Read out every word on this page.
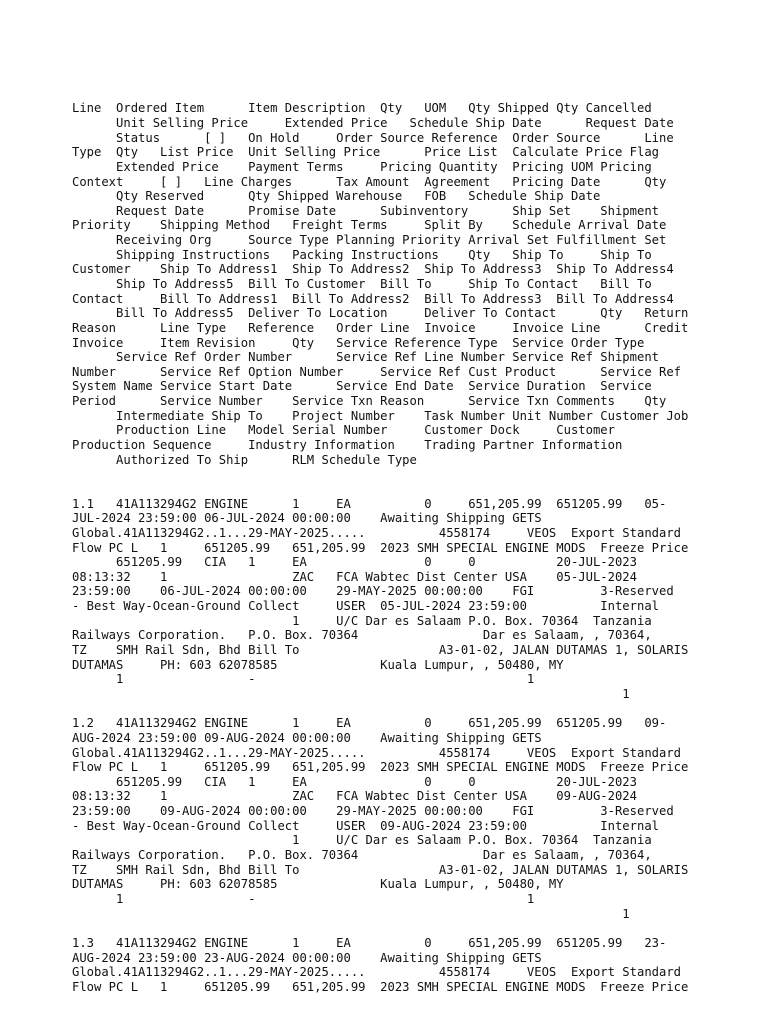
Line  Ordered Item      Item Description  Qty   UOM   Qty Shipped Qty Cancelled
Unit Selling Price     Extended Price   Schedule Ship Date      Request Date
Status      [ ]   On Hold     Order Source Reference  Order Source      Line
Type  Qty   List Price  Unit Selling Price      Price List  Calculate Price Flag
Extended Price    Payment Terms     Pricing Quantity  Pricing UOM Pricing
Context     [ ]   Line Charges      Tax Amount  Agreement   Pricing Date      Qty
Qty Reserved      Qty Shipped Warehouse   FOB   Schedule Ship Date
Request Date      Promise Date      Subinventory      Ship Set    Shipment
Priority    Shipping Method   Freight Terms     Split By    Schedule Arrival Date
Receiving Org     Source Type Planning Priority Arrival Set Fulfillment Set
Shipping Instructions   Packing Instructions    Qty   Ship To     Ship To
Customer    Ship To Address1  Ship To Address2  Ship To Address3  Ship To Address4
Ship To Address5  Bill To Customer  Bill To     Ship To Contact   Bill To
Contact     Bill To Address1  Bill To Address2  Bill To Address3  Bill To Address4
Bill To Address5  Deliver To Location     Deliver To Contact      Qty   Return
Reason      Line Type   Reference   Order Line  Invoice     Invoice Line      Credit
Invoice     Item Revision     Qty   Service Reference Type  Service Order Type
Service Ref Order Number      Service Ref Line Number Service Ref Shipment
Number      Service Ref Option Number     Service Ref Cust Product      Service Ref
System Name Service Start Date      Service End Date  Service Duration  Service
Period      Service Number    Service Txn Reason      Service Txn Comments    Qty
Intermediate Ship To    Project Number    Task Number Unit Number Customer Job
Production Line   Model Serial Number     Customer Dock     Customer
Production Sequence     Industry Information    Trading Partner Information
Authorized To Ship      RLM Schedule Type

1.1   41A113294G2 ENGINE      1     EA          0     651,205.99  651205.99   05-
JUL-2024 23:59:00 06-JUL-2024 00:00:00    Awaiting Shipping GETS
Global.41A113294G2..1...29-MAY-2025.....          4558174     VEOS  Export Standard
Flow PC L   1     651205.99   651,205.99  2023 SMH SPECIAL ENGINE MODS  Freeze Price
651205.99   CIA   1     EA                0     0           20-JUL-2023
08:13:32    1                 ZAC   FCA Wabtec Dist Center USA    05-JUL-2024
23:59:00    06-JUL-2024 00:00:00    29-MAY-2025 00:00:00    FGI         3-Reserved
- Best Way-Ocean-Ground Collect     USER  05-JUL-2024 23:59:00          Internal
1     U/C Dar es Salaam P.O. Box. 70364  Tanzania
Railways Corporation.   P.O. Box. 70364                 Dar es Salaam, , 70364,
TZ    SMH Rail Sdn, Bhd Bill To                   A3-01-02, JALAN DUTAMAS 1, SOLARIS
DUTAMAS     PH: 603 62078585              Kuala Lumpur, , 50480, MY
1                 -                                     1
1
1.2   41A113294G2 ENGINE      1     EA          0     651,205.99  651205.99   09-
AUG-2024 23:59:00 09-AUG-2024 00:00:00    Awaiting Shipping GETS
Global.41A113294G2..1...29-MAY-2025.....          4558174     VEOS  Export Standard
Flow PC L   1     651205.99   651,205.99  2023 SMH SPECIAL ENGINE MODS  Freeze Price
651205.99   CIA   1     EA                0     0           20-JUL-2023
08:13:32    1                 ZAC   FCA Wabtec Dist Center USA    09-AUG-2024
23:59:00    09-AUG-2024 00:00:00    29-MAY-2025 00:00:00    FGI         3-Reserved
- Best Way-Ocean-Ground Collect     USER  09-AUG-2024 23:59:00          Internal
1     U/C Dar es Salaam P.O. Box. 70364  Tanzania
Railways Corporation.   P.O. Box. 70364                 Dar es Salaam, , 70364,
TZ    SMH Rail Sdn, Bhd Bill To                   A3-01-02, JALAN DUTAMAS 1, SOLARIS
DUTAMAS     PH: 603 62078585              Kuala Lumpur, , 50480, MY
1                 -                                     1
1
1.3   41A113294G2 ENGINE      1     EA          0     651,205.99  651205.99   23-
AUG-2024 23:59:00 23-AUG-2024 00:00:00    Awaiting Shipping GETS
Global.41A113294G2..1...29-MAY-2025.....          4558174     VEOS  Export Standard
Flow PC L   1     651205.99   651,205.99  2023 SMH SPECIAL ENGINE MODS  Freeze Price
